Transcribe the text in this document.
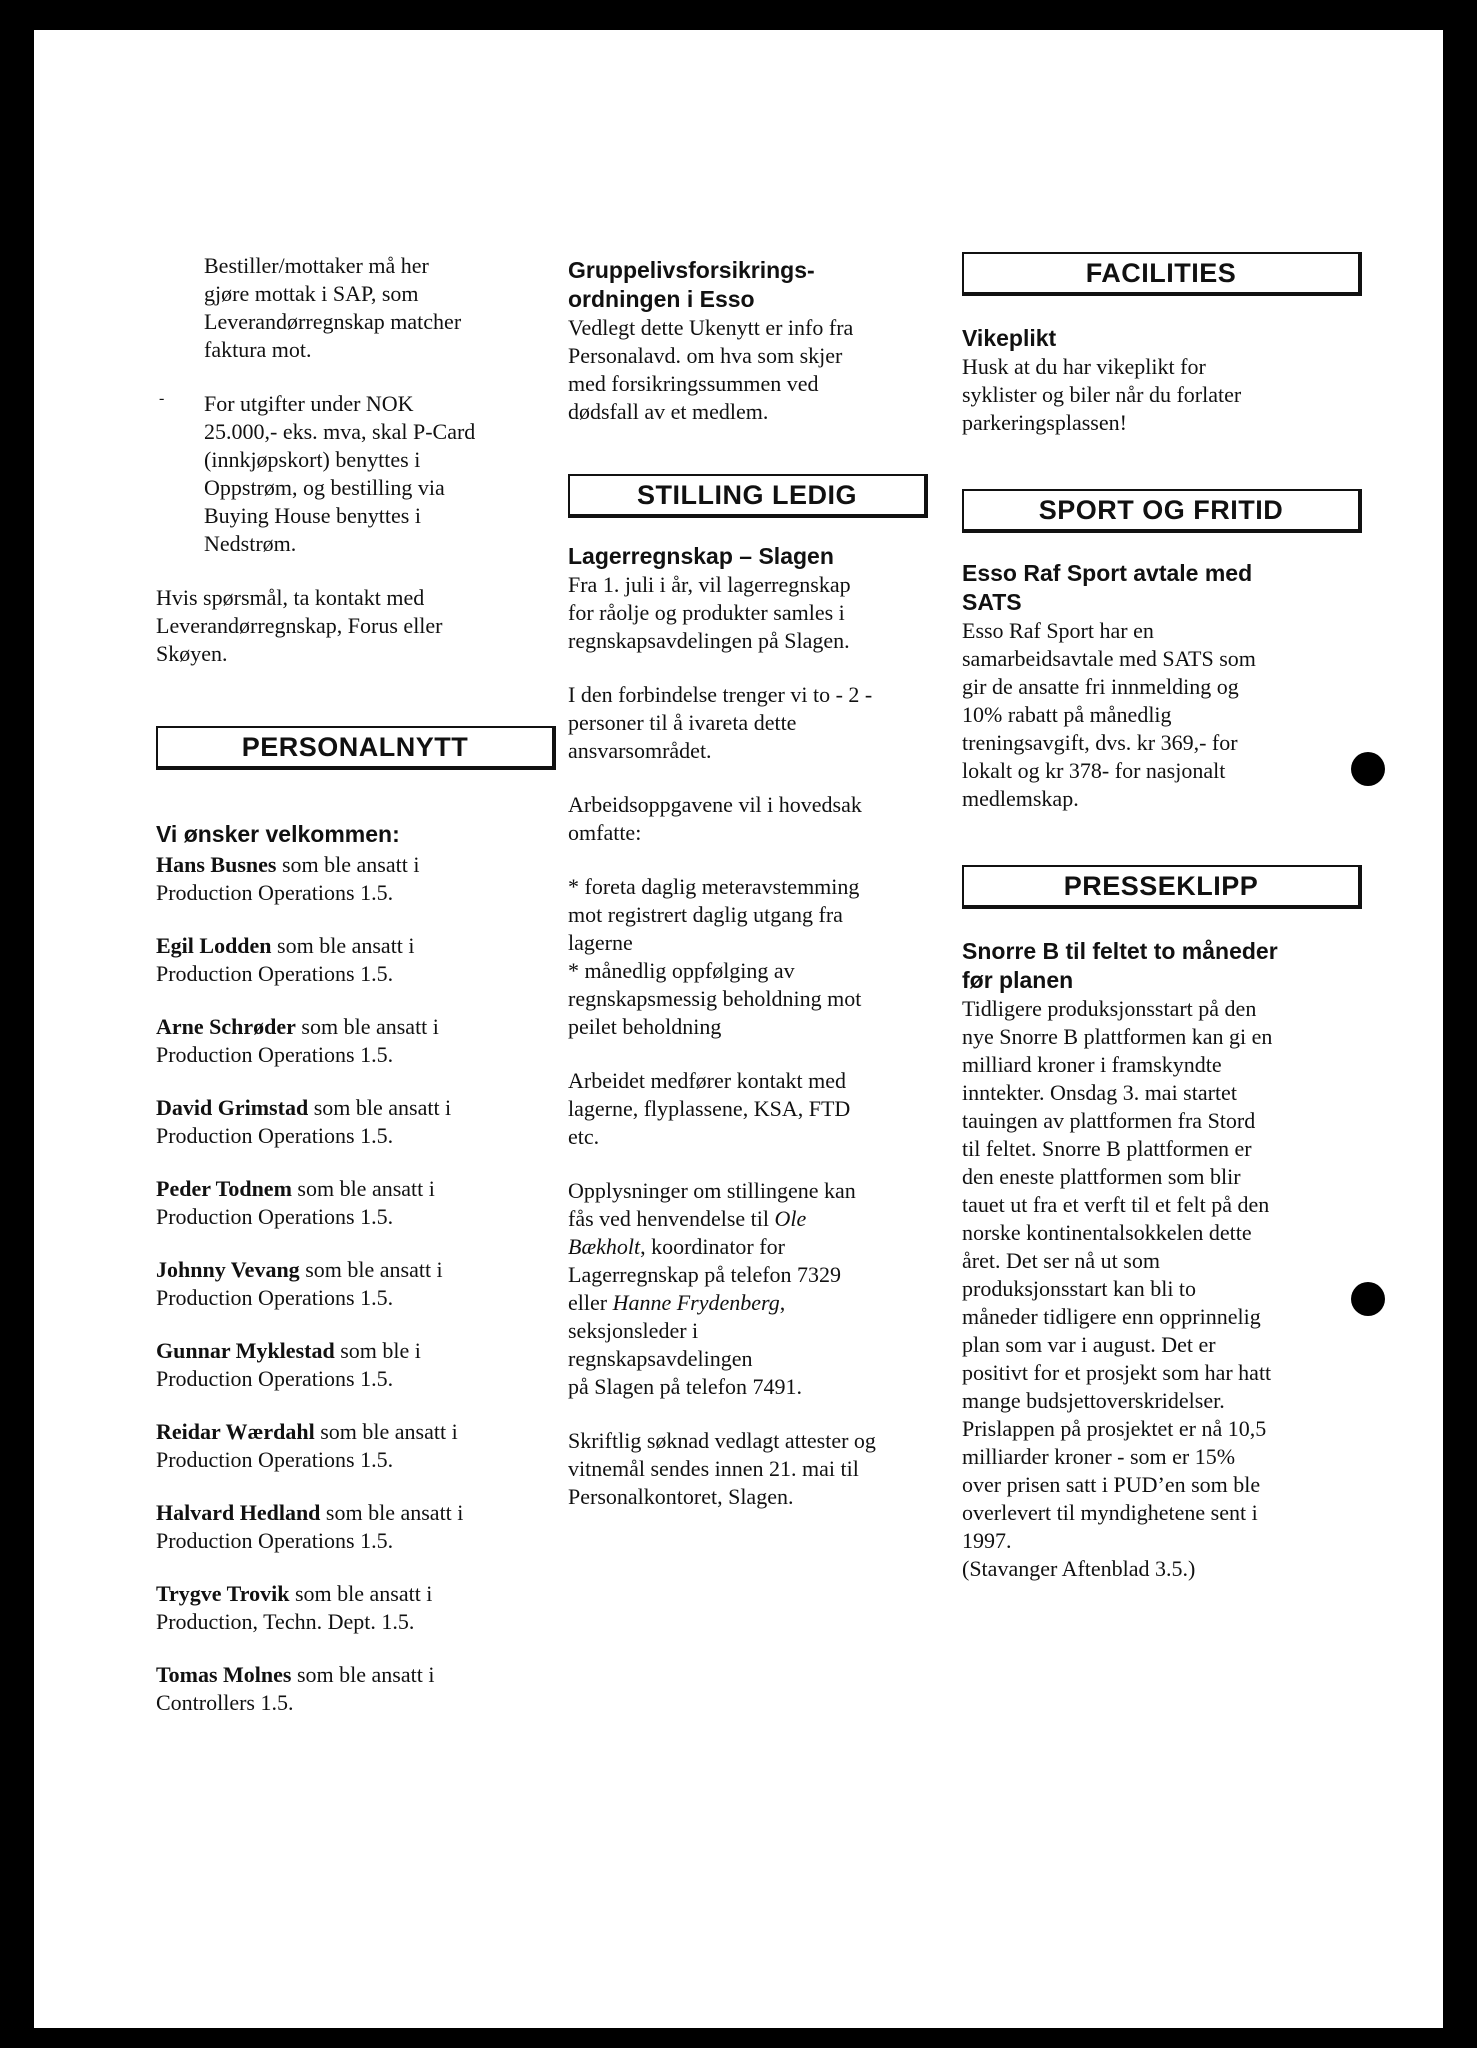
Bestiller/mottaker må her
gjøre mottak i SAP, som
Leverandørregnskap matcher
faktura mot.

- For utgifter under NOK
25.000,- eks. mva, skal P-Card
(innkjøpskort) benyttes i
Oppstrøm, og bestilling via
Buying House benyttes i
Nedstrøm.

Hvis spørsmål, ta kontakt med
Leverandørregnskap, Forus eller
Skøyen.

PERSONALNYTT

Vi ønsker velkommen:

Hans Busnes som ble ansatt i
Production Operations 1.5.

Egil Lodden som ble ansatt i
Production Operations 1.5.

Arne Schrøder som ble ansatt i
Production Operations 1.5.

David Grimstad som ble ansatt i
Production Operations 1.5.

Peder Todnem som ble ansatt i
Production Operations 1.5.

Johnny Vevang som ble ansatt i
Production Operations 1.5.

Gunnar Myklestad som ble i
Production Operations 1.5.

Reidar Wærdahl som ble ansatt i
Production Operations 1.5.

Halvard Hedland som ble ansatt i
Production Operations 1.5.

Trygve Trovik som ble ansatt i
Production, Techn. Dept. 1.5.

Tomas Molnes som ble ansatt i
Controllers 1.5.

Gruppelivsforsikrings-
ordningen i Esso

Vedlegt dette Ukenytt er info fra
Personalavd. om hva som skjer
med forsikringssummen ved
dødsfall av et medlem.

STILLING LEDIG

Lagerregnskap – Slagen

Fra 1. juli i år, vil lagerregnskap
for råolje og produkter samles i
regnskapsavdelingen på Slagen.

I den forbindelse trenger vi to - 2 -
personer til å ivareta dette
ansvarsområdet.

Arbeidsoppgavene vil i hovedsak
omfatte:

* foreta daglig meteravstemming
mot registrert daglig utgang fra
lagerne
* månedlig oppfølging av
regnskapsmessig beholdning mot
peilet beholdning

Arbeidet medfører kontakt med
lagerne, flyplassene, KSA, FTD
etc.

Opplysninger om stillingene kan
fås ved henvendelse til Ole
Bækholt, koordinator for
Lagerregnskap på telefon 7329
eller Hanne Frydenberg,
seksjonsleder i
regnskapsavdelingen
på Slagen på telefon 7491.

Skriftlig søknad vedlagt attester og
vitnemål sendes innen 21. mai til
Personalkontoret, Slagen.

FACILITIES

Vikeplikt

Husk at du har vikeplikt for
syklister og biler når du forlater
parkeringsplassen!

SPORT OG FRITID

Esso Raf Sport avtale med
SATS

Esso Raf Sport har en
samarbeidsavtale med SATS som
gir de ansatte fri innmelding og
10% rabatt på månedlig
treningsavgift, dvs. kr 369,- for
lokalt og kr 378- for nasjonalt
medlemskap.

PRESSEKLIPP

Snorre B til feltet to måneder
før planen

Tidligere produksjonsstart på den
nye Snorre B plattformen kan gi en
milliard kroner i framskyndte
inntekter. Onsdag 3. mai startet
tauingen av plattformen fra Stord
til feltet. Snorre B plattformen er
den eneste plattformen som blir
tauet ut fra et verft til et felt på den
norske kontinentalsokkelen dette
året. Det ser nå ut som
produksjonsstart kan bli to
måneder tidligere enn opprinnelig
plan som var i august. Det er
positivt for et prosjekt som har hatt
mange budsjettoverskridelser.
Prislappen på prosjektet er nå 10,5
milliarder kroner - som er 15%
over prisen satt i PUD’en som ble
overlevert til myndighetene sent i
1997.
(Stavanger Aftenblad 3.5.)
